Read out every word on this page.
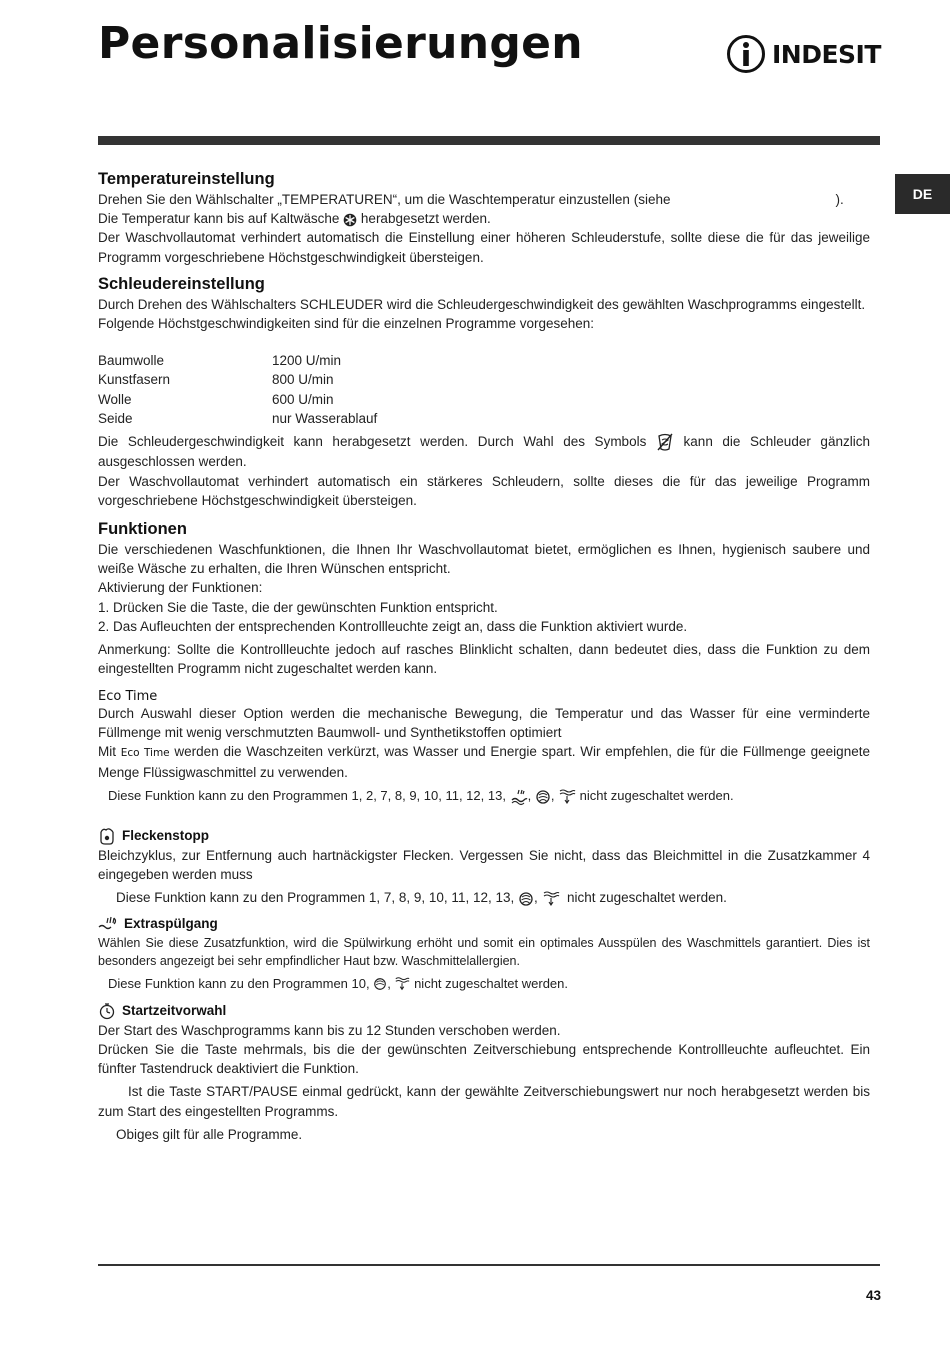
Personalisierungen	INDESIT
DE
Temperatureinstellung

Drehen Sie den Wählschalter „TEMPERATUREN“, um die Waschtemperatur einzustellen (siehe	).

Die Temperatur kann bis auf Kaltwäsche herabgesetzt werden.

Der Waschvollautomat verhindert automatisch die Einstellung einer höheren Schleuderstufe, sollte diese die für das jeweilige Programm vorgeschriebene Höchstgeschwindigkeit übersteigen.

Schleudereinstellung

Durch Drehen des Wählschalters SCHLEUDER wird die Schleudergeschwindigkeit des gewählten Waschprogramms eingestellt.

Folgende Höchstgeschwindigkeiten sind für die einzelnen Programme vorgesehen:

Baumwolle	1200 U/min
Kunstfasern	800 U/min
Wolle	600 U/min
Seide	nur Wasserablauf

Die Schleudergeschwindigkeit kann herabgesetzt werden. Durch Wahl des Symbols	kann die Schleuder gänzlich ausgeschlossen werden.

Der Waschvollautomat verhindert automatisch ein stärkeres Schleudern, sollte dieses die für das jeweilige Programm vorgeschriebene Höchstgeschwindigkeit übersteigen.

Funktionen

Die verschiedenen Waschfunktionen, die Ihnen Ihr Waschvollautomat bietet, ermöglichen es Ihnen, hygienisch saubere und weiße Wäsche zu erhalten, die Ihren Wünschen entspricht.

Aktivierung der Funktionen:

1. Drücken Sie die Taste, die der gewünschten Funktion entspricht.

2. Das Aufleuchten der entsprechenden Kontrollleuchte zeigt an, dass die Funktion aktiviert wurde.

Anmerkung: Sollte die Kontrollleuchte jedoch auf rasches Blinklicht schalten, dann bedeutet dies, dass die Funktion zu dem eingestellten Programm nicht zugeschaltet werden kann.

Eco Time

Durch Auswahl dieser Option werden die mechanische Bewegung, die Temperatur und das Wasser für eine verminderte Füllmenge mit wenig verschmutzten Baumwoll- und Synthetikstoffen optimiert

Mit Eco Time werden die Waschzeiten verkürzt, was Wasser und Energie spart. Wir empfehlen, die für die Füllmenge geeignete Menge Flüssigwaschmittel zu verwenden.

Diese Funktion kann zu den Programmen 1, 2, 7, 8, 9, 10, 11, 12, 13, , ,  nicht zugeschaltet werden.

Fleckenstopp

Bleichzyklus, zur Entfernung auch hartnäckigster Flecken. Vergessen Sie nicht, dass das Bleichmittel in die Zusatzkammer 4 eingegeben werden muss

Diese Funktion kann zu den Programmen 1, 7, 8, 9, 10, 11, 12, 13, ,   nicht zugeschaltet werden.

Extraspülgang

Wählen Sie diese Zusatzfunktion, wird die Spülwirkung erhöht und somit ein optimales Ausspülen des Waschmittels garantiert. Dies ist besonders angezeigt bei sehr empfindlicher Haut bzw. Waschmittelallergien.

Diese Funktion kann zu den Programmen 10, ,  nicht zugeschaltet werden.

Startzeitvorwahl

Der Start des Waschprogramms kann bis zu 12 Stunden verschoben werden.

Drücken Sie die Taste mehrmals, bis die der gewünschten Zeitverschiebung entsprechende Kontrollleuchte aufleuchtet. Ein fünfter Tastendruck deaktiviert die Funktion.

Ist die Taste START/PAUSE einmal gedrückt, kann der gewählte Zeitverschiebungswert nur noch herabgesetzt werden bis zum Start des eingestellten Programms.

Obiges gilt für alle Programme.

43
